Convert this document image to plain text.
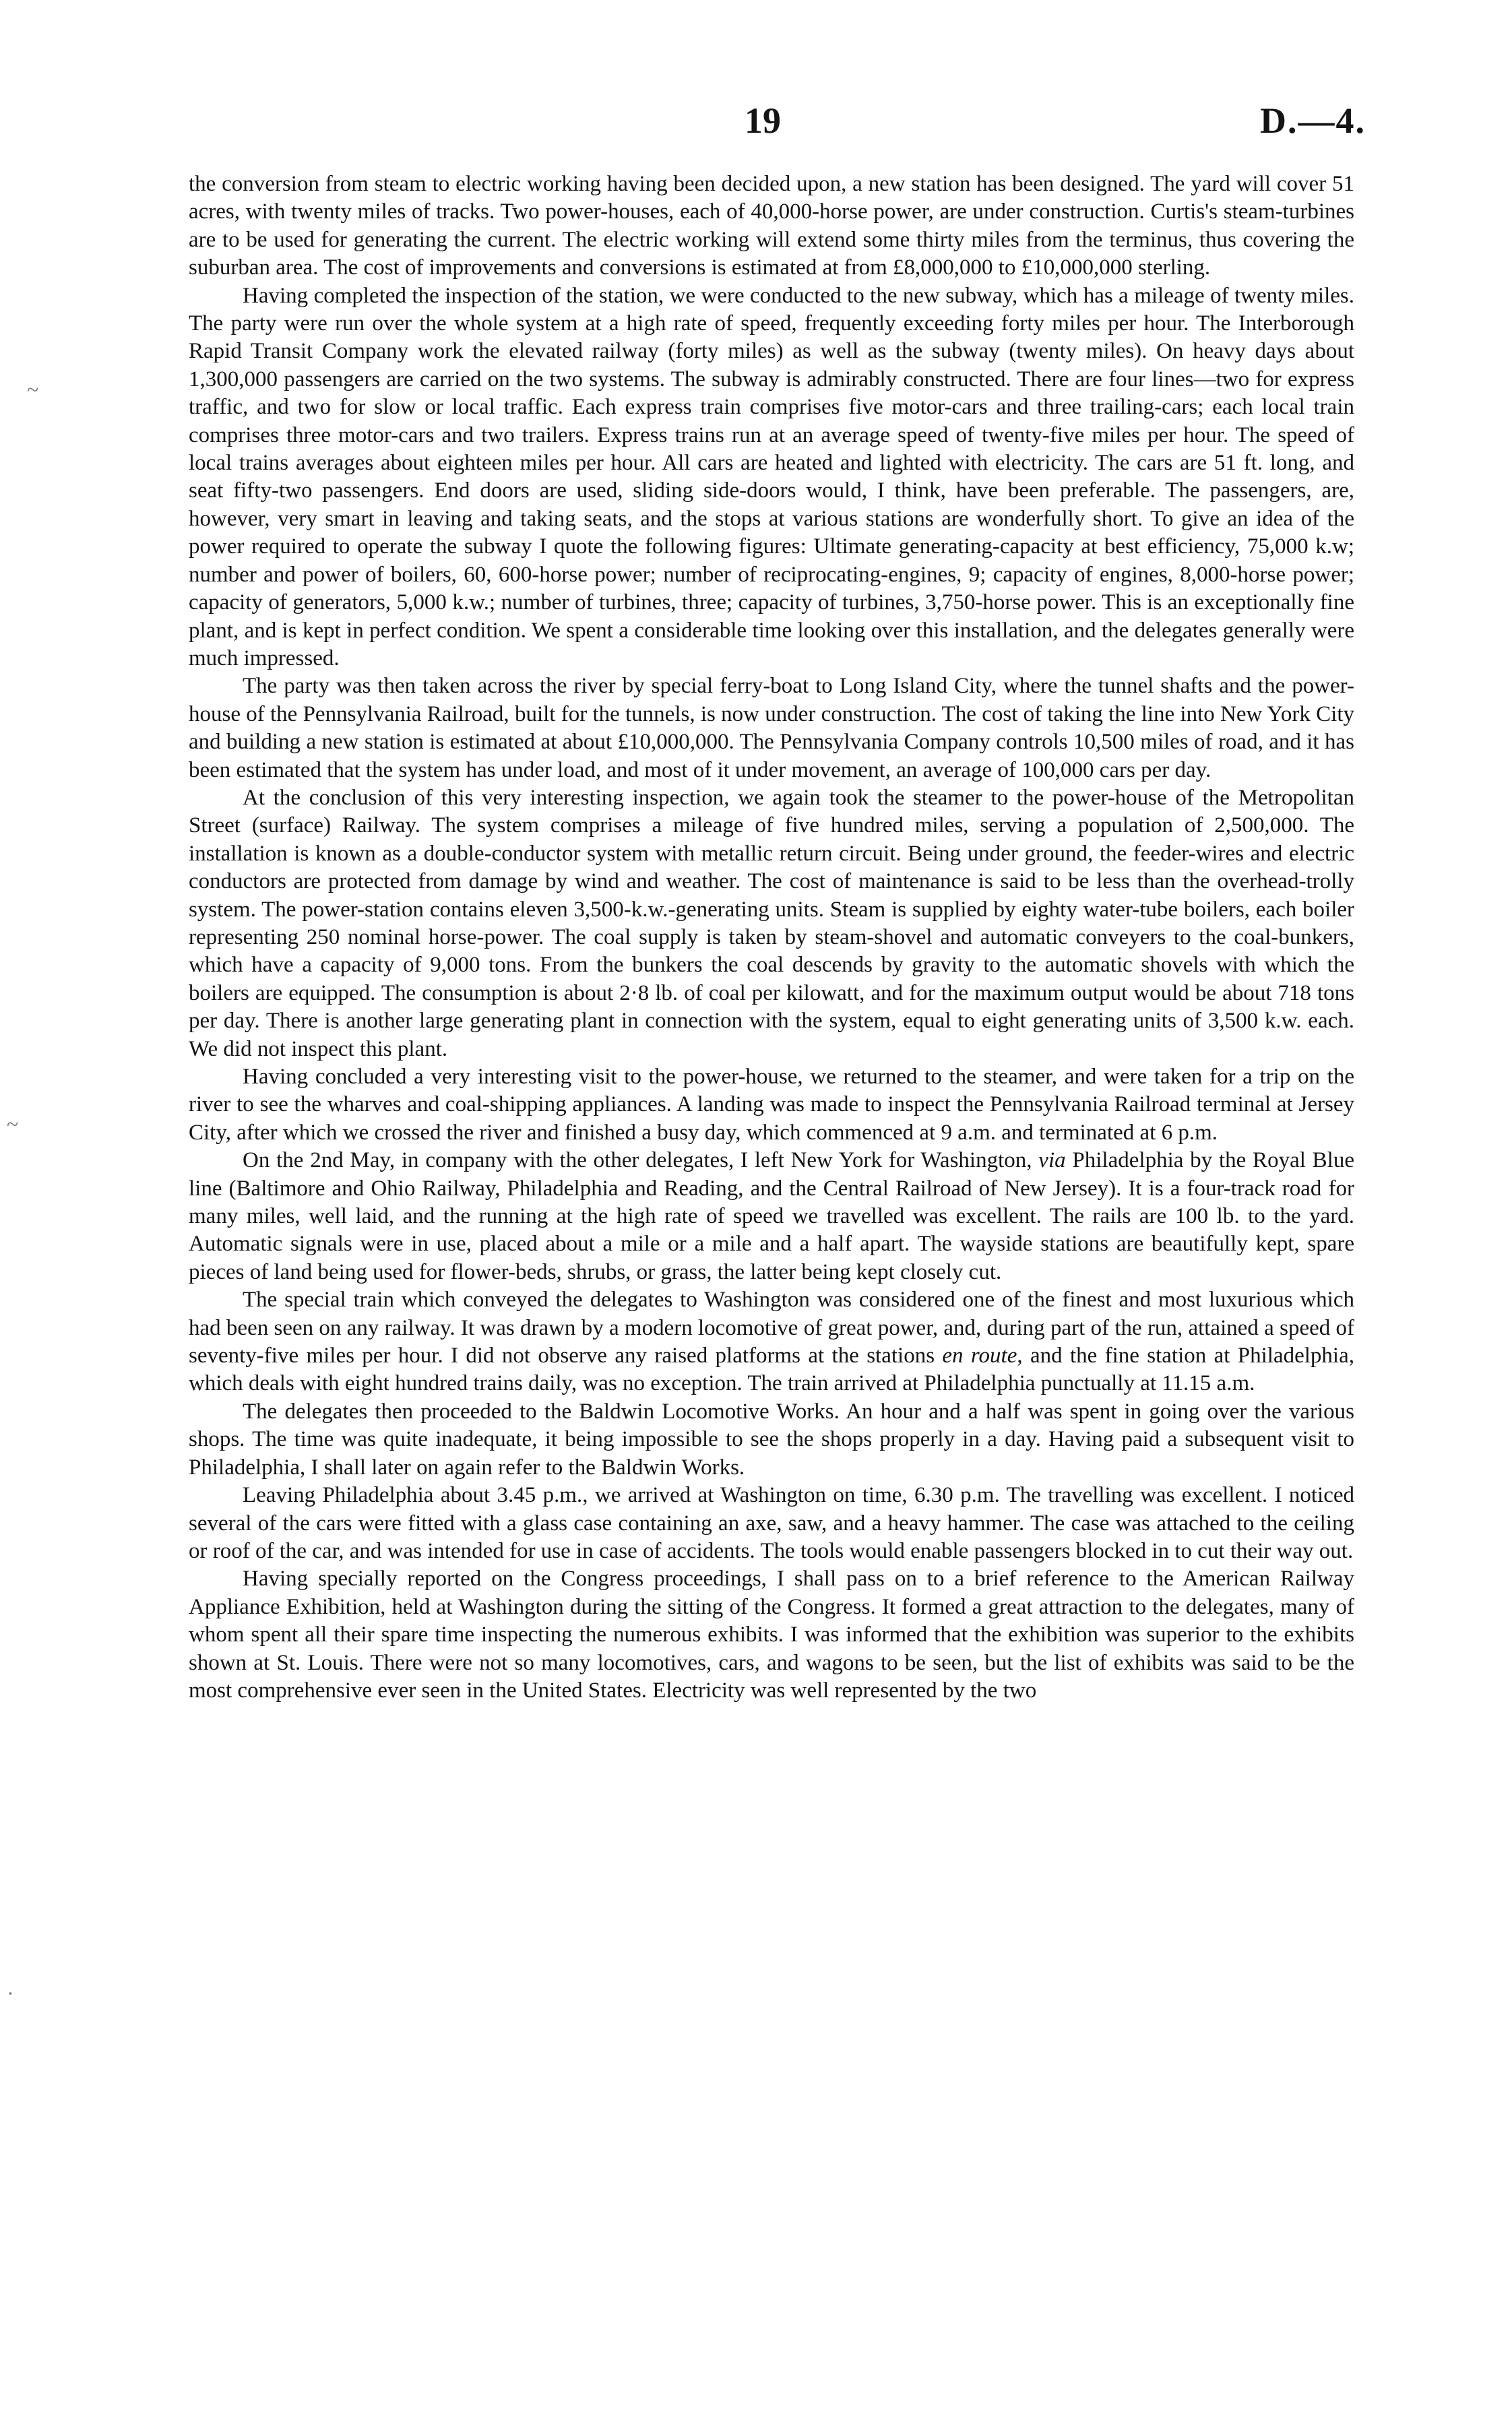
19	D.—4.
~
~
·

the conversion from steam to electric working having been decided upon, a new station has been designed. The yard will cover 51 acres, with twenty miles of tracks. Two power-houses, each of 40,000-horse power, are under construction. Curtis's steam-turbines are to be used for generating the current. The electric working will extend some thirty miles from the terminus, thus covering the suburban area. The cost of improvements and conversions is estimated at from £8,000,000 to £10,000,000 sterling.

Having completed the inspection of the station, we were conducted to the new subway, which has a mileage of twenty miles. The party were run over the whole system at a high rate of speed, frequently exceeding forty miles per hour. The Interborough Rapid Transit Company work the elevated railway (forty miles) as well as the subway (twenty miles). On heavy days about 1,300,000 passengers are carried on the two systems. The subway is admirably constructed. There are four lines—two for express traffic, and two for slow or local traffic. Each express train comprises five motor-cars and three trailing-cars; each local train comprises three motor-cars and two trailers. Express trains run at an average speed of twenty-five miles per hour. The speed of local trains averages about eighteen miles per hour. All cars are heated and lighted with electricity. The cars are 51 ft. long, and seat fifty-two passengers. End doors are used, sliding side-doors would, I think, have been preferable. The passengers, are, however, very smart in leaving and taking seats, and the stops at various stations are wonderfully short. To give an idea of the power required to operate the subway I quote the following figures: Ultimate generating-capacity at best efficiency, 75,000 k.w; number and power of boilers, 60, 600-horse power; number of reciprocating-engines, 9; capacity of engines, 8,000-horse power; capacity of generators, 5,000 k.w.; number of turbines, three; capacity of turbines, 3,750-horse power. This is an exceptionally fine plant, and is kept in perfect condition. We spent a considerable time looking over this installation, and the delegates generally were much impressed.

The party was then taken across the river by special ferry-boat to Long Island City, where the tunnel shafts and the power-house of the Pennsylvania Railroad, built for the tunnels, is now under construction. The cost of taking the line into New York City and building a new station is estimated at about £10,000,000. The Pennsylvania Company controls 10,500 miles of road, and it has been estimated that the system has under load, and most of it under movement, an average of 100,000 cars per day.

At the conclusion of this very interesting inspection, we again took the steamer to the power-house of the Metropolitan Street (surface) Railway. The system comprises a mileage of five hundred miles, serving a population of 2,500,000. The installation is known as a double-conductor system with metallic return circuit. Being under ground, the feeder-wires and electric conductors are protected from damage by wind and weather. The cost of maintenance is said to be less than the overhead-trolly system. The power-station contains eleven 3,500-k.w.-generating units. Steam is supplied by eighty water-tube boilers, each boiler representing 250 nominal horse-power. The coal supply is taken by steam-shovel and automatic conveyers to the coal-bunkers, which have a capacity of 9,000 tons. From the bunkers the coal descends by gravity to the automatic shovels with which the boilers are equipped. The consumption is about 2·8 lb. of coal per kilowatt, and for the maximum output would be about 718 tons per day. There is another large generating plant in connection with the system, equal to eight generating units of 3,500 k.w. each. We did not inspect this plant.

Having concluded a very interesting visit to the power-house, we returned to the steamer, and were taken for a trip on the river to see the wharves and coal-shipping appliances. A landing was made to inspect the Pennsylvania Railroad terminal at Jersey City, after which we crossed the river and finished a busy day, which commenced at 9 a.m. and terminated at 6 p.m.

On the 2nd May, in company with the other delegates, I left New York for Washington, via Philadelphia by the Royal Blue line (Baltimore and Ohio Railway, Philadelphia and Reading, and the Central Railroad of New Jersey). It is a four-track road for many miles, well laid, and the running at the high rate of speed we travelled was excellent. The rails are 100 lb. to the yard. Automatic signals were in use, placed about a mile or a mile and a half apart. The wayside stations are beautifully kept, spare pieces of land being used for flower-beds, shrubs, or grass, the latter being kept closely cut.

The special train which conveyed the delegates to Washington was considered one of the finest and most luxurious which had been seen on any railway. It was drawn by a modern locomotive of great power, and, during part of the run, attained a speed of seventy-five miles per hour. I did not observe any raised platforms at the stations en route, and the fine station at Philadelphia, which deals with eight hundred trains daily, was no exception. The train arrived at Philadelphia punctually at 11.15 a.m.

The delegates then proceeded to the Baldwin Locomotive Works. An hour and a half was spent in going over the various shops. The time was quite inadequate, it being impossible to see the shops properly in a day. Having paid a subsequent visit to Philadelphia, I shall later on again refer to the Baldwin Works.

Leaving Philadelphia about 3.45 p.m., we arrived at Washington on time, 6.30 p.m. The travelling was excellent. I noticed several of the cars were fitted with a glass case containing an axe, saw, and a heavy hammer. The case was attached to the ceiling or roof of the car, and was intended for use in case of accidents. The tools would enable passengers blocked in to cut their way out.

Having specially reported on the Congress proceedings, I shall pass on to a brief reference to the American Railway Appliance Exhibition, held at Washington during the sitting of the Congress. It formed a great attraction to the delegates, many of whom spent all their spare time inspecting the numerous exhibits. I was informed that the exhibition was superior to the exhibits shown at St. Louis. There were not so many locomotives, cars, and wagons to be seen, but the list of exhibits was said to be the most comprehensive ever seen in the United States. Electricity was well represented by the two
